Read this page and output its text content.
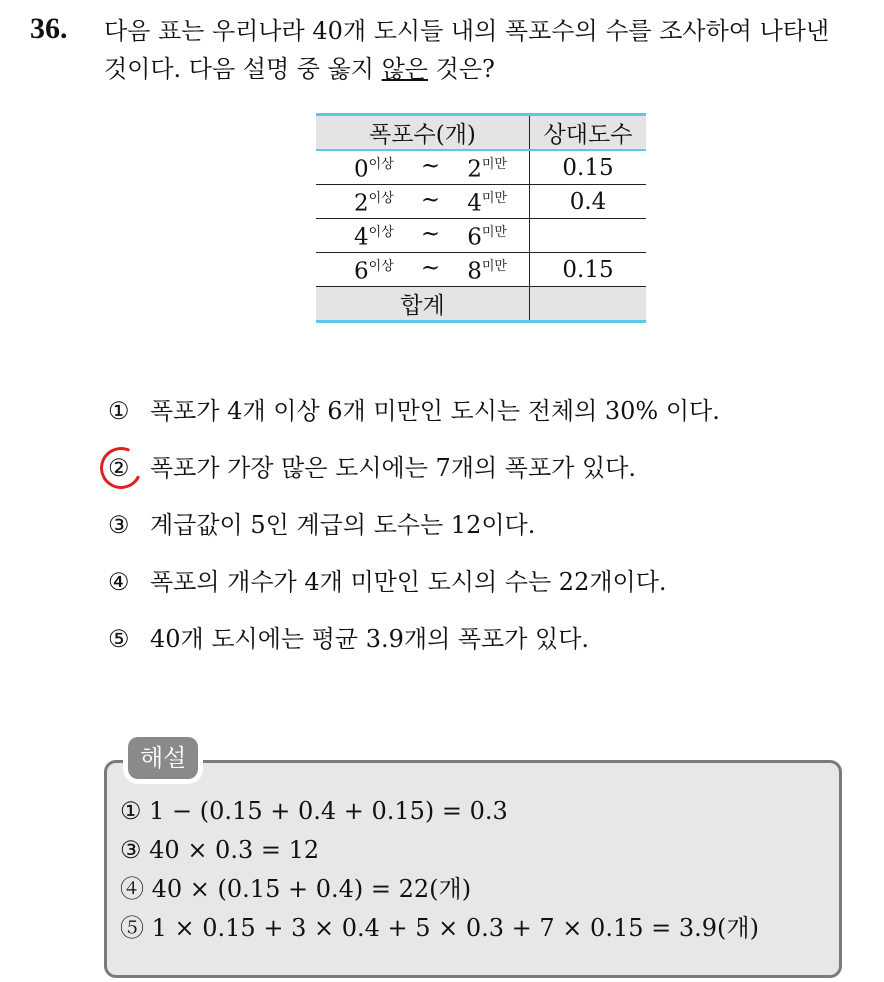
36. 다음 표는 우리나라 40개 도시들 내의 폭포수의 수를 조사하여 나타낸
것이다. 다음 설명 중 옳지 않은 것은?
폭포수(개)	상대도수

$0^{이상}$ ~ $2^{미만}$	0.15

$2^{이상}$ ~ $4^{미만}$	0.4

$4^{이상}$ ~ $6^{미만}$

$6^{이상}$ ~ $8^{미만}$	0.15
합계	
① 폭포가 4개 이상 6개 미만인 도시는 전체의 30% 이다.
② 폭포가 가장 많은 도시에는 7개의 폭포가 있다.
③ 계급값이 5인 계급의 도수는 12이다.
④ 폭포의 개수가 4개 미만인 도시의 수는 22개이다.
⑤ 40개 도시에는 평균 3.9개의 폭포가 있다.
해설
① 1 − (0.15 + 0.4 + 0.15) = 0.3
③ 40 × 0.3 = 12
④ 40 × (0.15 + 0.4) = 22(개)
⑤ 1 × 0.15 + 3 × 0.4 + 5 × 0.3 + 7 × 0.15 = 3.9(개)
